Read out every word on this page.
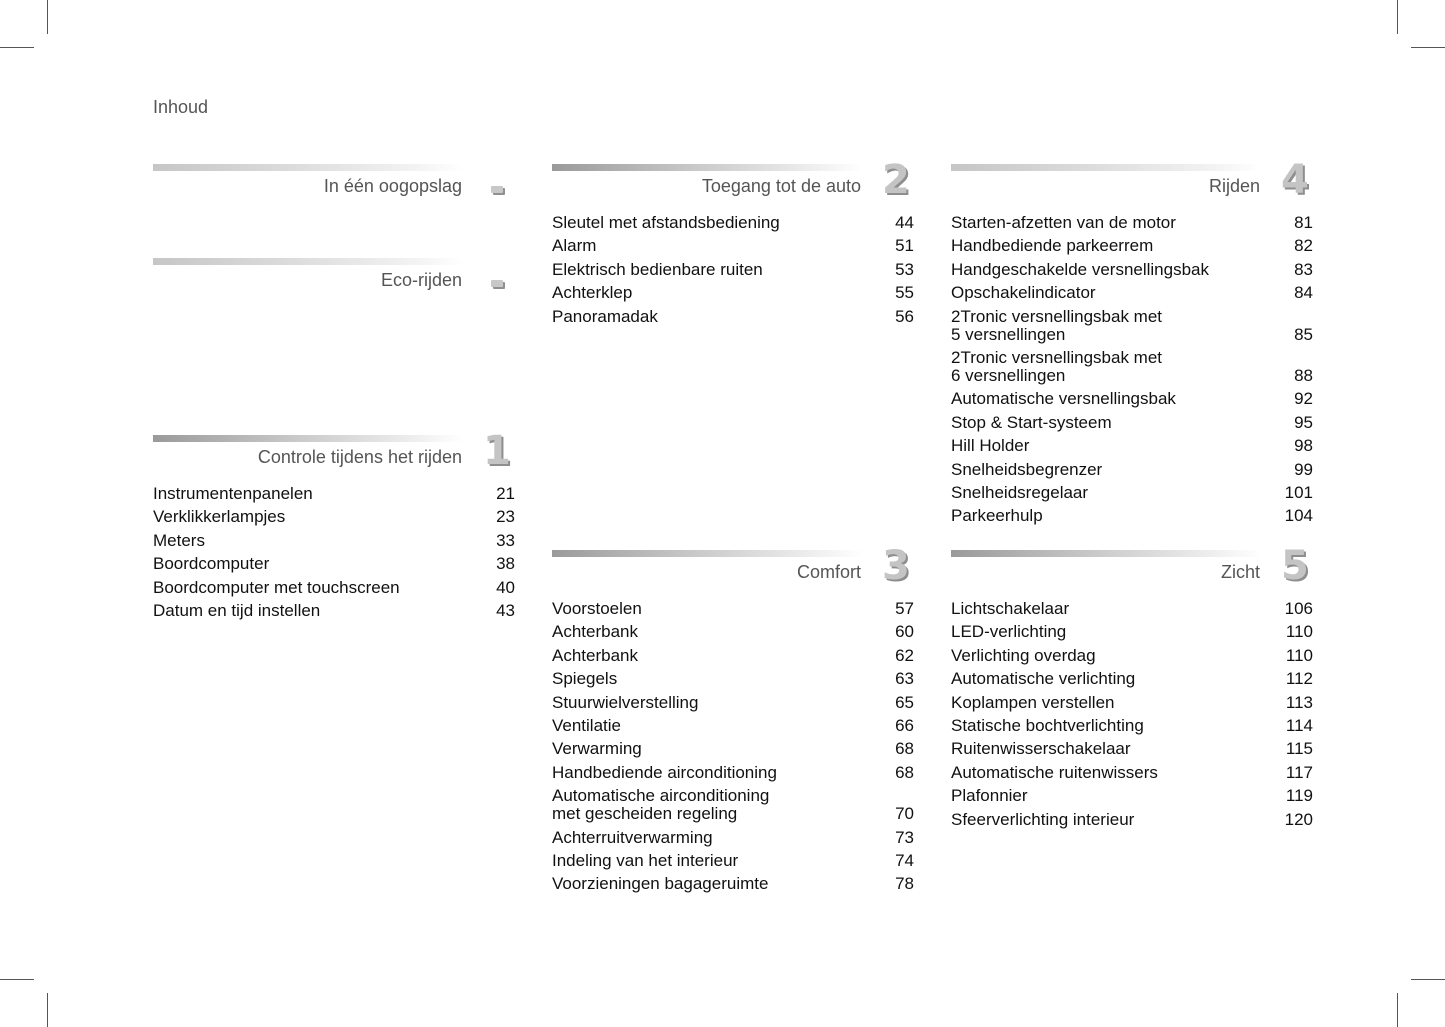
Inhoud
In één oogopslag
Eco-rijden
Controle tijdens het rijden 1
Instrumentenpanelen	21
Verklikkerlampjes	23
Meters	33
Boordcomputer	38
Boordcomputer met touchscreen	40
Datum en tijd instellen	43
Toegang tot de auto 2
Sleutel met afstandsbediening	44
Alarm	51
Elektrisch bedienbare ruiten	53
Achterklep	55
Panoramadak	56
Comfort 3
Voorstoelen	57
Achterbank	60
Achterbank	62
Spiegels	63
Stuurwielverstelling	65
Ventilatie	66
Verwarming	68
Handbediende airconditioning	68
Automatische airconditioning
met gescheiden regeling	70
Achterruitverwarming	73
Indeling van het interieur	74
Voorzieningen bagageruimte	78
Rijden 4
Starten-afzetten van de motor	81
Handbediende parkeerrem	82
Handgeschakelde versnellingsbak	83
Opschakelindicator	84
2Tronic versnellingsbak met
5 versnellingen	85
2Tronic versnellingsbak met
6 versnellingen	88
Automatische versnellingsbak	92
Stop & Start-systeem	95
Hill Holder	98
Snelheidsbegrenzer	99
Snelheidsregelaar	101
Parkeerhulp	104
Zicht 5
Lichtschakelaar	106
LED-verlichting	110
Verlichting overdag	110
Automatische verlichting	112
Koplampen verstellen	113
Statische bochtverlichting	114
Ruitenwisserschakelaar	115
Automatische ruitenwissers	117
Plafonnier	119
Sfeerverlichting interieur	120
